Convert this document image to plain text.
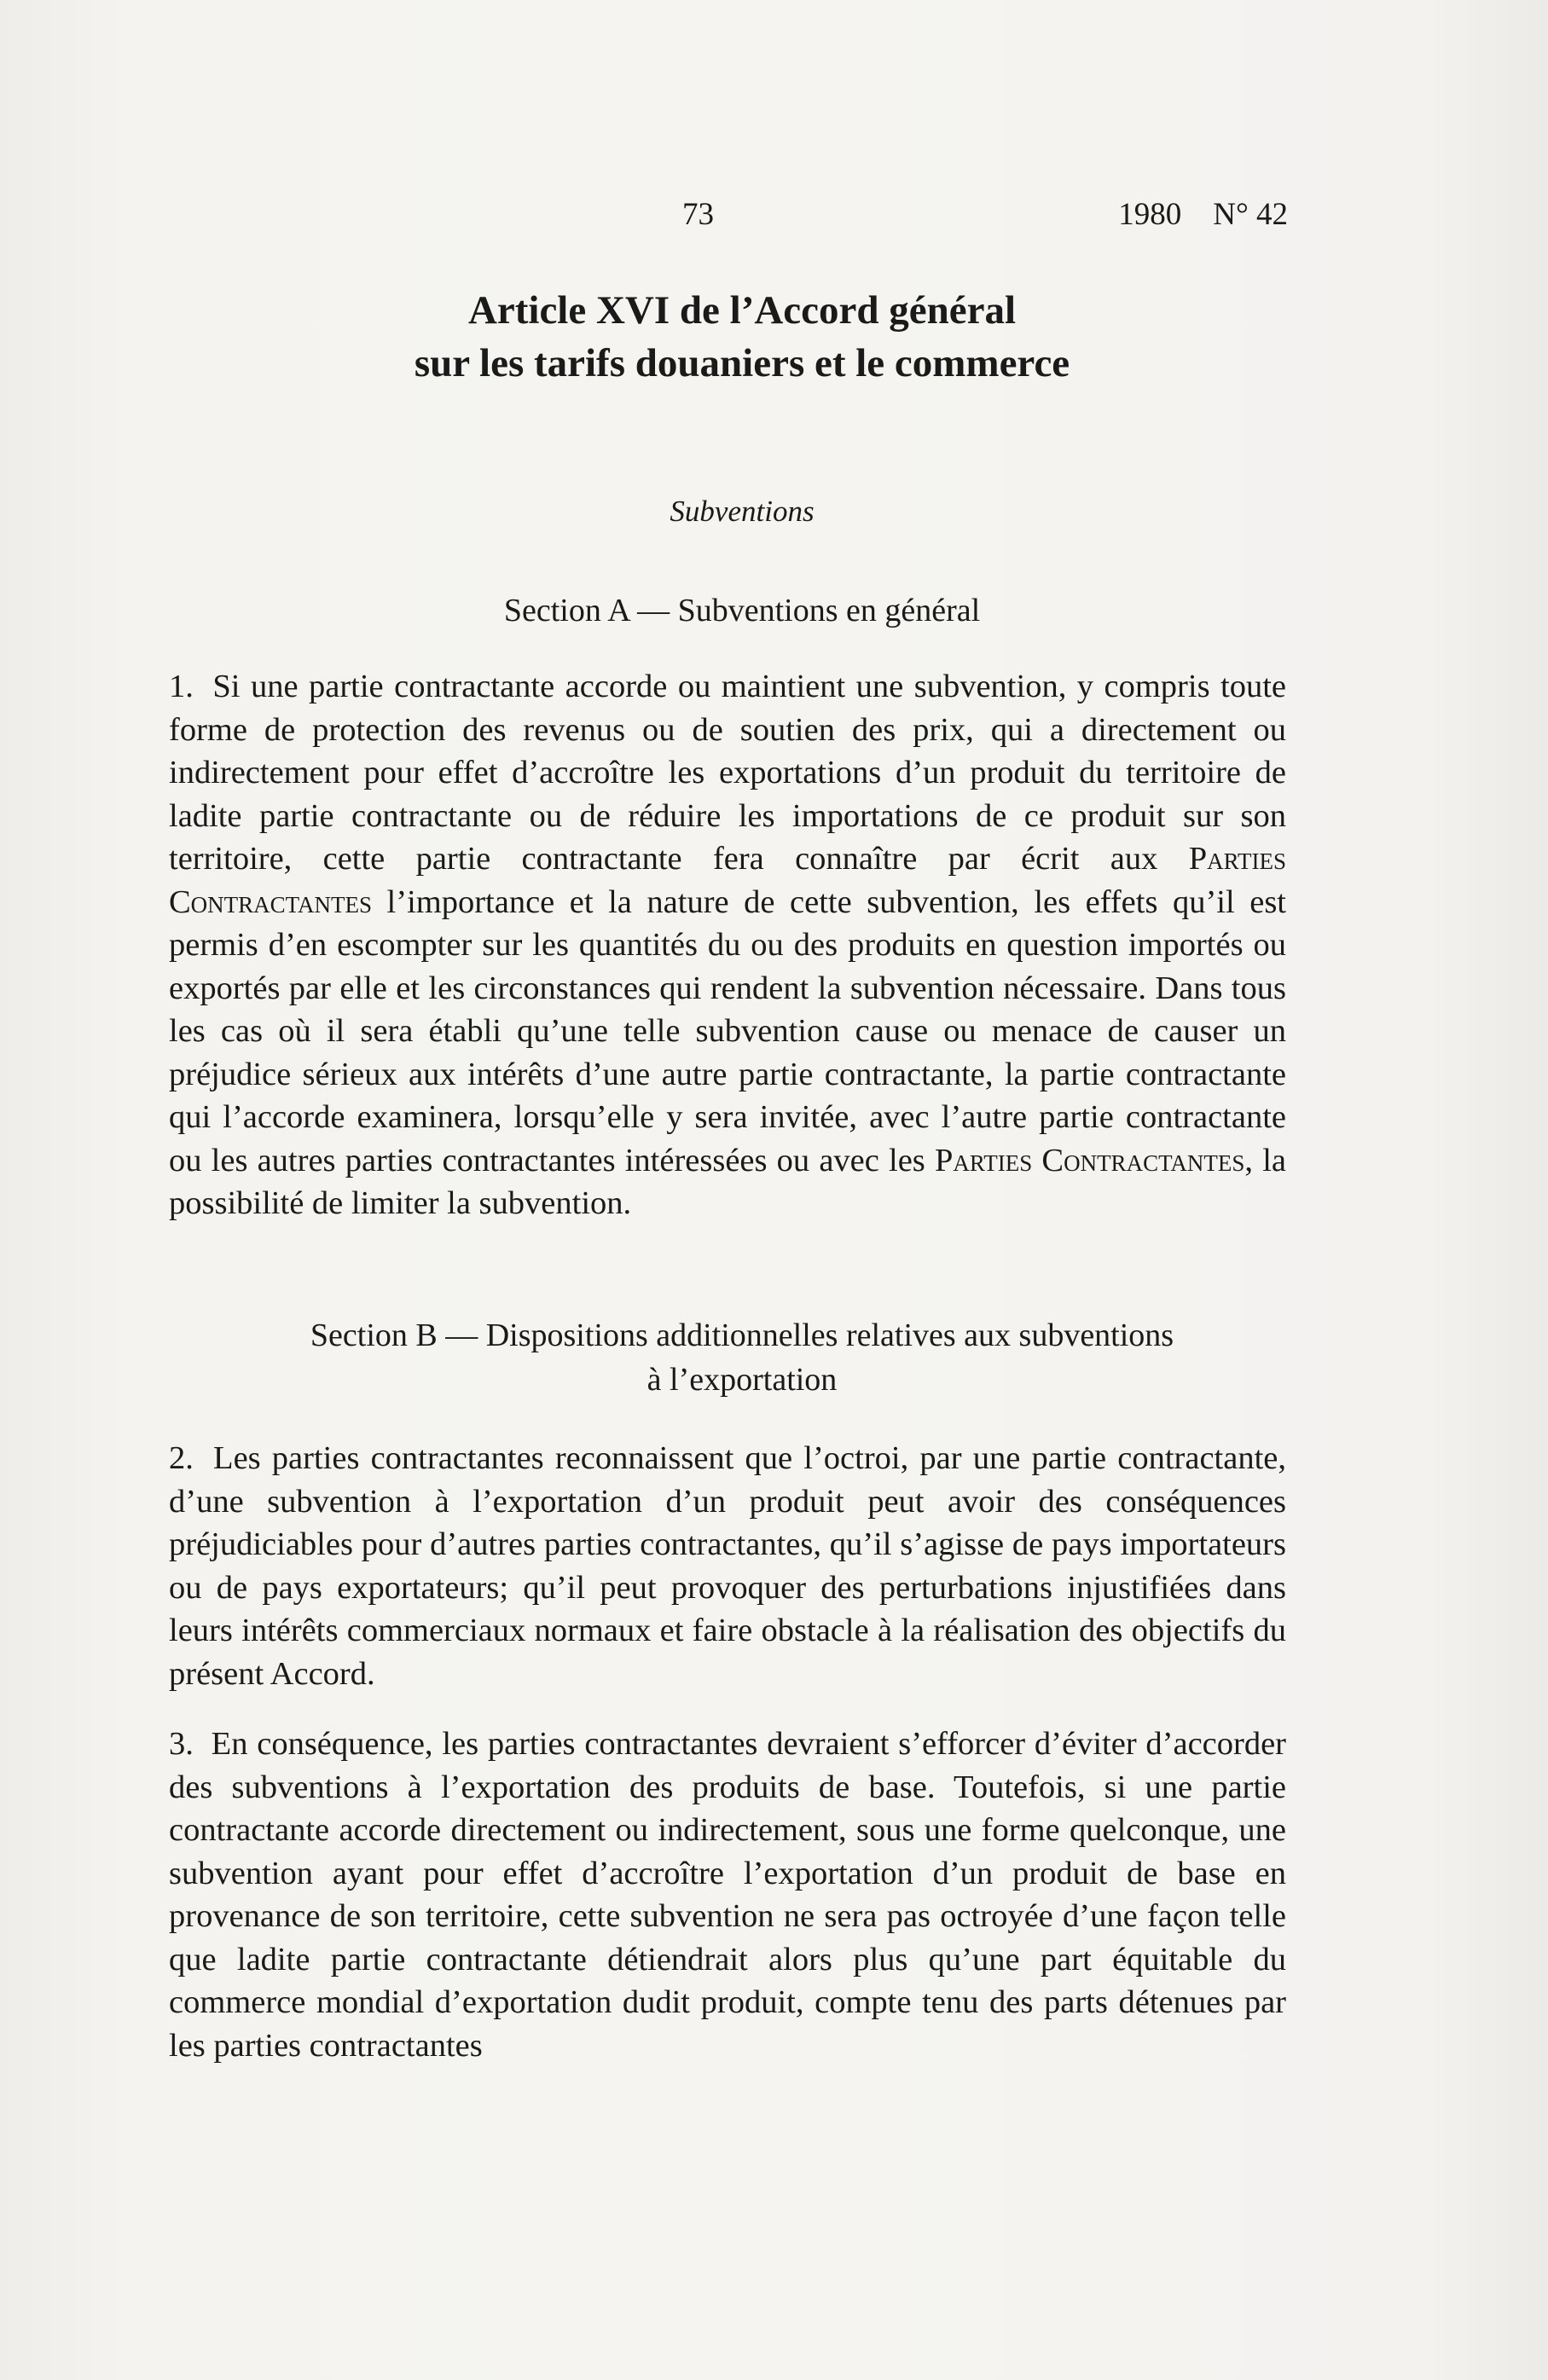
73	1980    N° 42
Article XVI de l’Accord général
sur les tarifs douaniers et le commerce
Subventions
Section A — Subventions en général
1. Si une partie contractante accorde ou maintient une subvention, y compris toute forme de protection des revenus ou de soutien des prix, qui a directement ou indirectement pour effet d’accroître les exportations d’un produit du territoire de ladite partie contractante ou de réduire les importations de ce produit sur son territoire, cette partie contractante fera connaître par écrit aux Parties Contractantes l’importance et la nature de cette subvention, les effets qu’il est permis d’en escompter sur les quantités du ou des produits en question importés ou exportés par elle et les circonstances qui rendent la subvention nécessaire. Dans tous les cas où il sera établi qu’une telle subvention cause ou menace de causer un préjudice sérieux aux intérêts d’une autre partie contractante, la partie contractante qui l’accorde examinera, lorsqu’elle y sera invitée, avec l’autre partie contractante ou les autres parties contractantes intéressées ou avec les Parties Contractantes, la possibilité de limiter la subvention.
Section B — Dispositions additionnelles relatives aux subventions
à l’exportation
2. Les parties contractantes reconnaissent que l’octroi, par une partie contractante, d’une subvention à l’exportation d’un produit peut avoir des conséquences préjudiciables pour d’autres parties contractantes, qu’il s’agisse de pays importateurs ou de pays exportateurs; qu’il peut provoquer des perturbations injustifiées dans leurs intérêts commerciaux normaux et faire obstacle à la réalisation des objectifs du présent Accord.
3. En conséquence, les parties contractantes devraient s’efforcer d’éviter d’accorder des subventions à l’exportation des produits de base. Toutefois, si une partie contractante accorde directement ou indirectement, sous une forme quelconque, une subvention ayant pour effet d’accroître l’exportation d’un produit de base en provenance de son territoire, cette subvention ne sera pas octroyée d’une façon telle que ladite partie contractante détiendrait alors plus qu’une part équitable du commerce mondial d’exportation dudit produit, compte tenu des parts détenues par les parties contractantes
